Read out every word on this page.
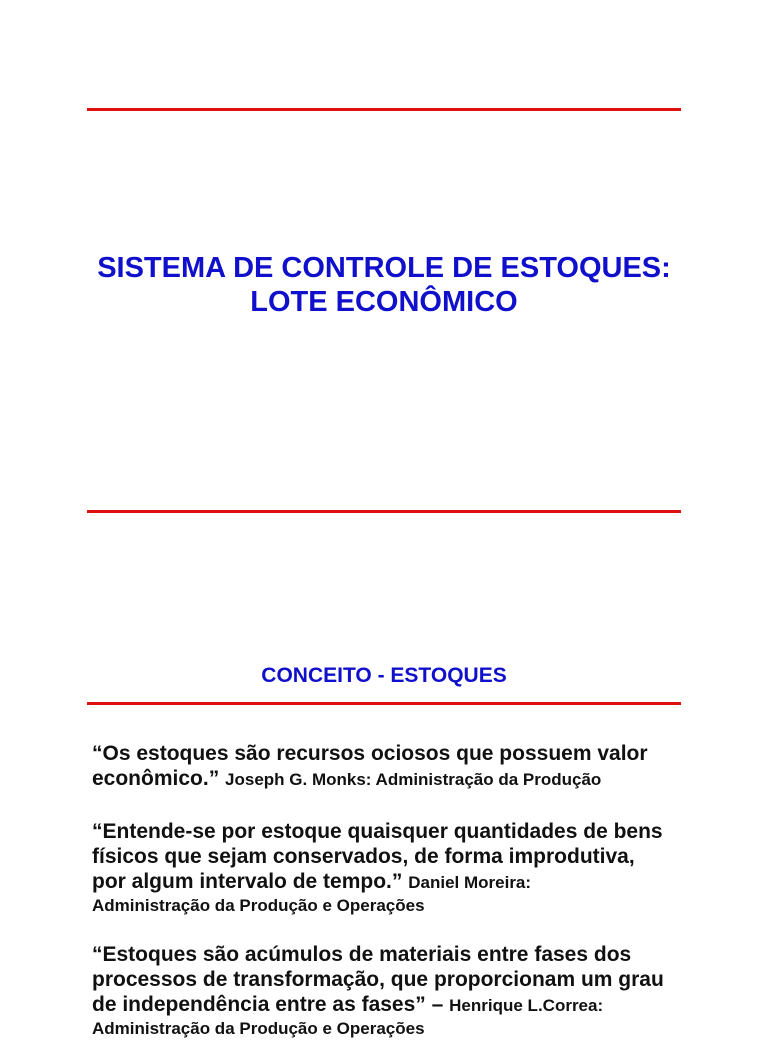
SISTEMA DE CONTROLE DE ESTOQUES:
LOTE ECONÔMICO
CONCEITO - ESTOQUES
“Os estoques são recursos ociosos que possuem valor
econômico.” Joseph G. Monks: Administração da Produção
“Entende-se por estoque quaisquer quantidades de bens
físicos que sejam conservados, de forma improdutiva,
por algum intervalo de tempo.” Daniel Moreira:
Administração da Produção e Operações
“Estoques são acúmulos de materiais entre fases dos
processos de transformação, que proporcionam um grau
de independência entre as fases” – Henrique L.Correa:
Administração da Produção e Operações
